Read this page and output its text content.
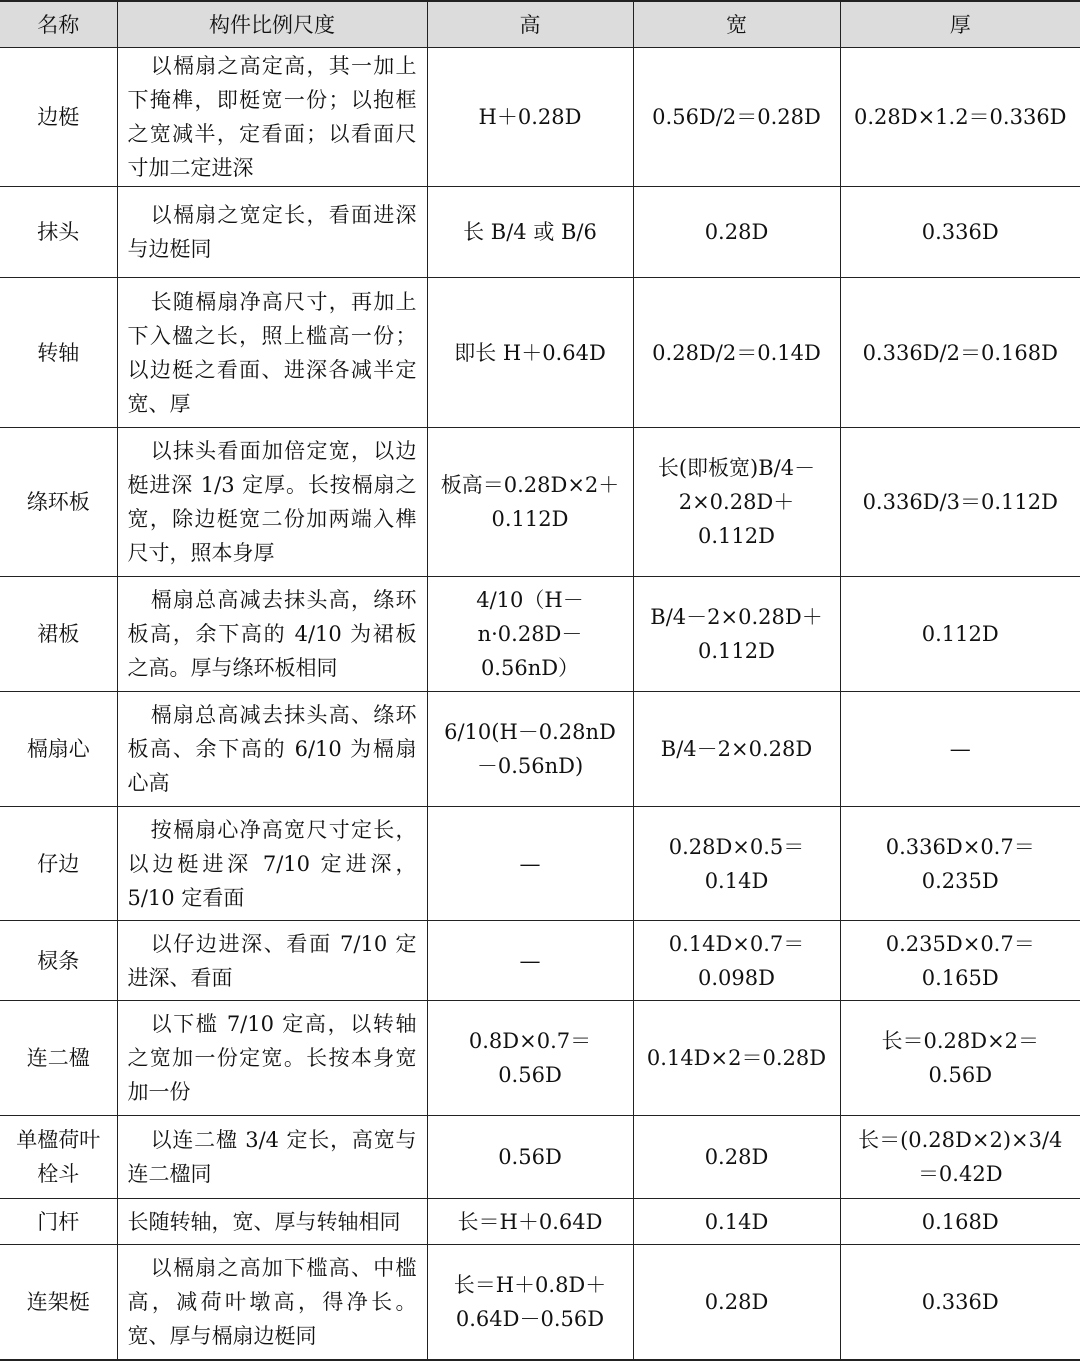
名称	构件比例尺度	高	宽	厚
边梃	以槅扇之高定高，其一加上下掩榫，即梃宽一份；以抱框之宽减半，定看面；以看面尺寸加二定进深	H＋0.28D	0.56D/2＝0.28D	0.28D×1.2＝0.336D
抹头	以槅扇之宽定长，看面进深与边梃同	长 B/4 或 B/6	0.28D	0.336D
转轴	长随槅扇净高尺寸，再加上下入楹之长，照上槛高一份；以边梃之看面、进深各减半定宽、厚	即长 H＋0.64D	0.28D/2＝0.14D	0.336D/2＝0.168D
绦环板	以抹头看面加倍定宽，以边梃进深 1/3 定厚。长按槅扇之宽，除边梃宽二份加两端入榫尺寸，照本身厚	板高＝0.28D×2＋0.112D	长(即板宽)B/4－2×0.28D＋0.112D	0.336D/3＝0.112D
裙板	槅扇总高减去抹头高，绦环板高，余下高的 4/10 为裙板之高。厚与绦环板相同	4/10（H－n·0.28D－0.56nD）	B/4－2×0.28D＋0.112D	0.112D
槅扇心	槅扇总高减去抹头高、绦环板高、余下高的 6/10 为槅扇心高	6/10(H－0.28nD－0.56nD)	B/4－2×0.28D	—
仔边	按槅扇心净高宽尺寸定长，以边梃进深 7/10 定进深，5/10 定看面	—	0.28D×0.5＝0.14D	0.336D×0.7＝0.235D
棂条	以仔边进深、看面 7/10 定进深、看面	—	0.14D×0.7＝0.098D	0.235D×0.7＝0.165D
连二楹	以下槛 7/10 定高，以转轴之宽加一份定宽。长按本身宽加一份	0.8D×0.7＝0.56D	0.14D×2＝0.28D	长＝0.28D×2＝0.56D
单楹荷叶栓斗	以连二楹 3/4 定长，高宽与连二楹同	0.56D	0.28D	长＝(0.28D×2)×3/4＝0.42D
门杆	长随转轴，宽、厚与转轴相同	长＝H＋0.64D	0.14D	0.168D
连架梃	以槅扇之高加下槛高、中槛高，减荷叶墩高，得净长。宽、厚与槅扇边梃同	长＝H＋0.8D＋0.64D－0.56D	0.28D	0.336D
